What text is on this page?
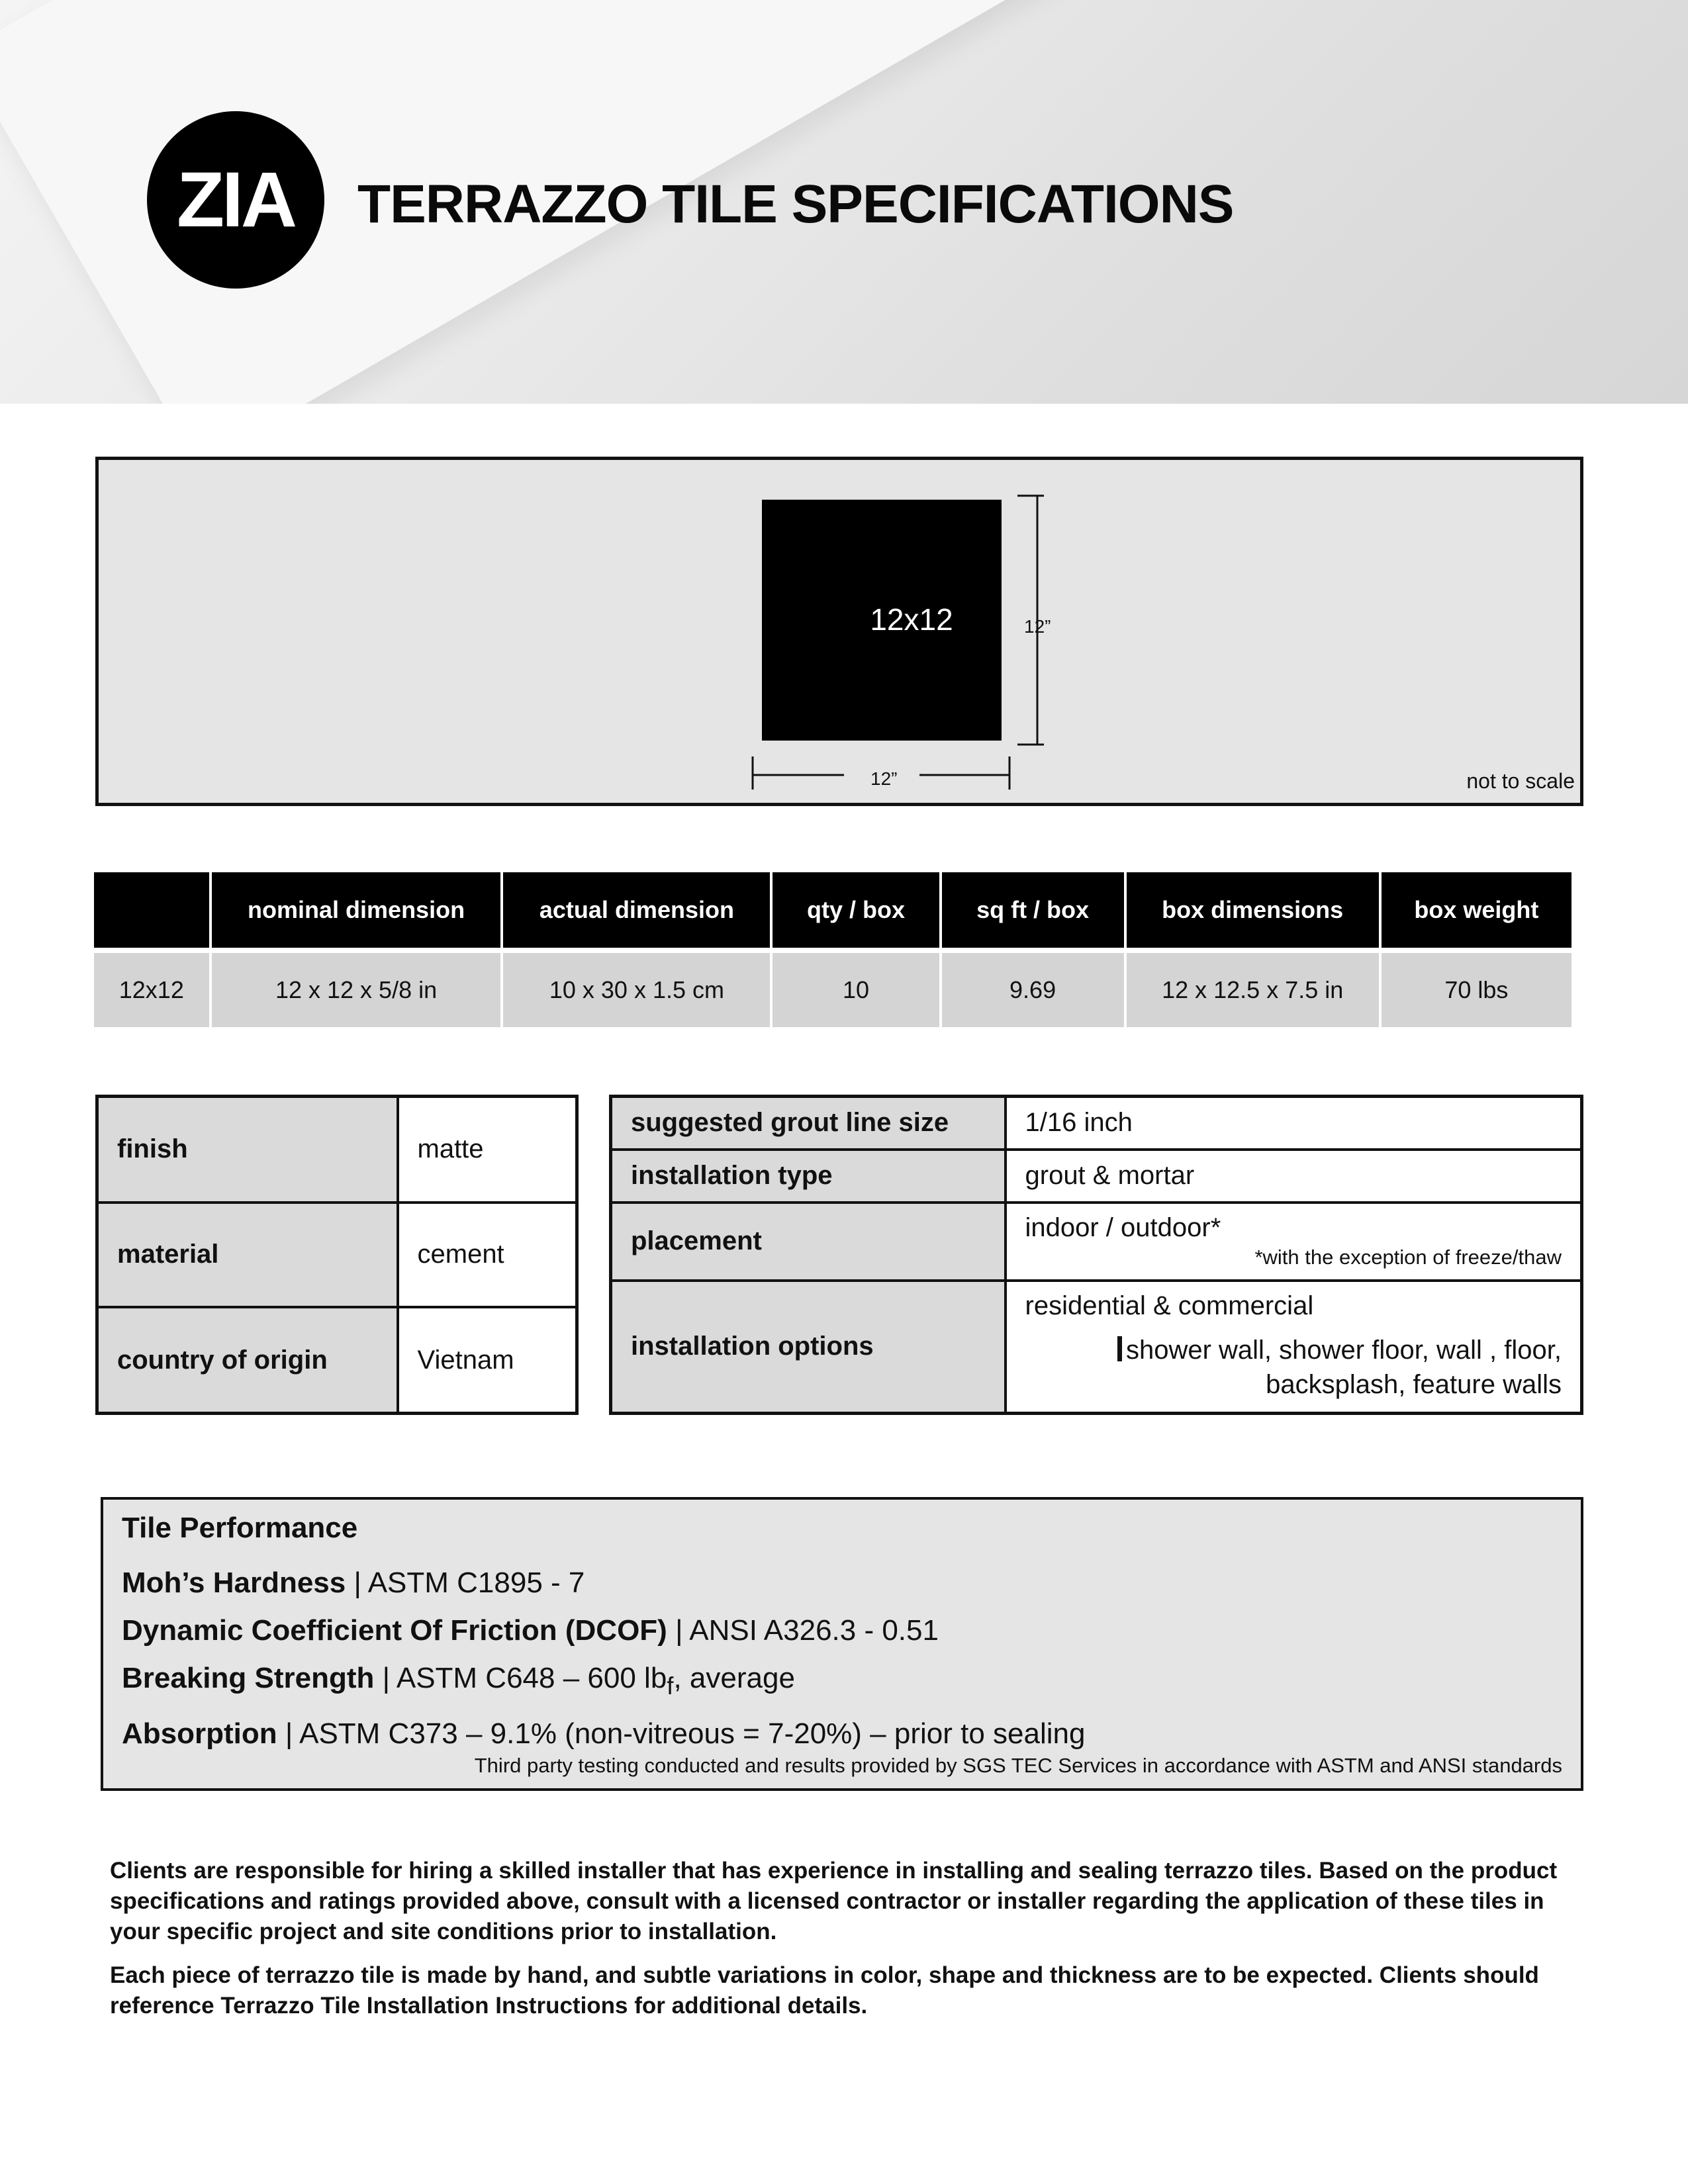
ZIA TERRAZZO TILE SPECIFICATIONS
12x12	12”
12”	not to scale
	nominal dimension	actual dimension	qty / box	sq ft / box	box dimensions	box weight

12x12	12 x 12 x 5/8 in	10 x 30 x 1.5 cm	10	9.69	12 x 12.5 x 7.5 in	70 lbs
finish	matte
material	cement
country of origin	Vietnam
suggested grout line size	1/16 inch
installation type	grout & mortar
placement	indoor / outdoor*
*with the exception of freeze/thaw

installation options	residential & commercial
shower wall, shower floor, wall , floor,
backsplash, feature walls
Tile Performance
Moh’s Hardness | ASTM C1895 - 7
Dynamic Coefficient Of Friction (DCOF) | ANSI A326.3 - 0.51
Breaking Strength | ASTM C648 – 600 $lb_f$, average
Absorption | ASTM C373 – 9.1% (non-vitreous = 7-20%) – prior to sealing
Third party testing conducted and results provided by SGS TEC Services in accordance with ASTM and ANSI standards

Clients are responsible for hiring a skilled installer that has experience in installing and sealing terrazzo tiles. Based on the product specifications and ratings provided above, consult with a licensed contractor or installer regarding the application of these tiles in your specific project and site conditions prior to installation.

Each piece of terrazzo tile is made by hand, and subtle variations in color, shape and thickness are to be expected. Clients should reference Terrazzo Tile Installation Instructions for additional details.
